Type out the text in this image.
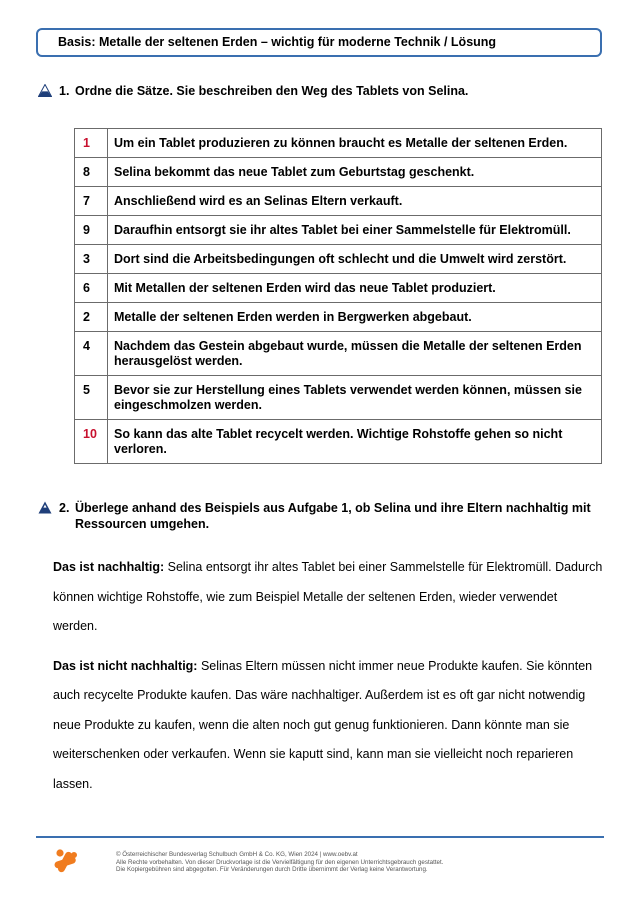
Basis: Metalle der seltenen Erden – wichtig für moderne Technik / Lösung
1. Ordne die Sätze. Sie beschreiben den Weg des Tablets von Selina.
1	Um ein Tablet produzieren zu können braucht es Metalle der seltenen Erden.
8	Selina bekommt das neue Tablet zum Geburtstag geschenkt.
7	Anschließend wird es an Selinas Eltern verkauft.
9	Daraufhin entsorgt sie ihr altes Tablet bei einer Sammelstelle für Elektromüll.
3	Dort sind die Arbeitsbedingungen oft schlecht und die Umwelt wird zerstört.
6	Mit Metallen der seltenen Erden wird das neue Tablet produziert.
2	Metalle der seltenen Erden werden in Bergwerken abgebaut.
4	Nachdem das Gestein abgebaut wurde, müssen die Metalle der seltenen Erden herausgelöst werden.
5	Bevor sie zur Herstellung eines Tablets verwendet werden können, müssen sie eingeschmolzen werden.
10	So kann das alte Tablet recycelt werden. Wichtige Rohstoffe gehen so nicht verloren.
2. Überlege anhand des Beispiels aus Aufgabe 1, ob Selina und ihre Eltern nachhaltig mit Ressourcen umgehen.

Das ist nachhaltig: Selina entsorgt ihr altes Tablet bei einer Sammelstelle für Elektromüll. Dadurch können wichtige Rohstoffe, wie zum Beispiel Metalle der seltenen Erden, wieder verwendet werden.

Das ist nicht nachhaltig: Selinas Eltern müssen nicht immer neue Produkte kaufen. Sie könnten auch recycelte Produkte kaufen. Das wäre nachhaltiger. Außerdem ist es oft gar nicht notwendig neue Produkte zu kaufen, wenn die alten noch gut genug funktionieren. Dann könnte man sie weiterschenken oder verkaufen. Wenn sie kaputt sind, kann man sie vielleicht noch reparieren lassen.

© Österreichischer Bundesverlag Schulbuch GmbH & Co. KG, Wien 2024 | www.oebv.at
Alle Rechte vorbehalten. Von dieser Druckvorlage ist die Vervielfältigung für den eigenen Unterrichtsgebrauch gestattet.
Die Kopiergebühren sind abgegolten. Für Veränderungen durch Dritte übernimmt der Verlag keine Verantwortung.
